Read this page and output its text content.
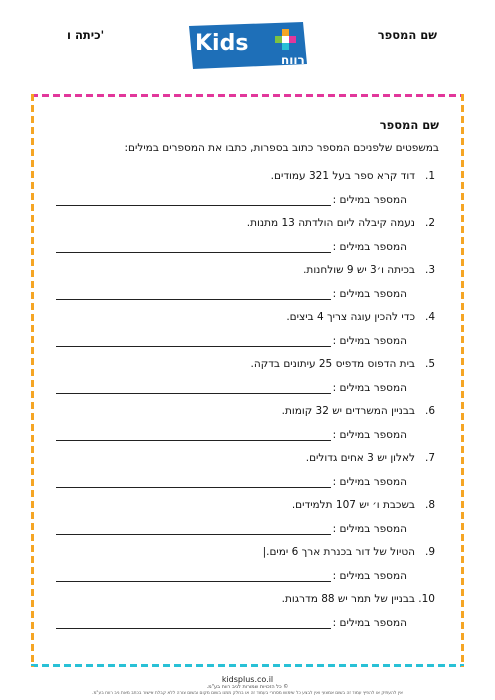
שם המספר
כיתה ו'	Kids
ניב רווח
שם המספר
במשפטים שלפניכם המספר כתוב בספרות, כתבו את המספרים במילים:
1.
דוד קרא ספר בעל 321 עמודים.
המספר במילים :
2.
נעמה קיבלה ליום הולדתה 13 מתנות.
המספר במילים :
3.
בכיתה ו׳3 יש 9 שולחנות.
המספר במילים :
4.
כדי להכין עוגה צריך 4 ביצים.
המספר במילים :
5.
בית הדפוס מדפיס 25 עיתונים בדקה.
המספר במילים :
6.
בבניין המשרדים יש 32 קומות.
המספר במילים :
7.
לאלון יש 3 אחים גדולים.
המספר במילים :
8.
בשכבת ו׳ יש 107 תלמידים.
המספר במילים :
9.
הטיול של דור בכנרת ארך 6 ימים.|
המספר במילים :
10.
בבניין של תמר יש 88 מדרגות.
המספר במילים :
kidsplus.co.il
© כל הזכויות שמורות לניב רווח בע"מ.
אין להעתיק או להפיץ עמוד זה בשום אמצעי ואין לבצע כל שימוש מסחרי בעמוד זה או בחלק ממנו בשום מקום ובשום צורה ללא קבלת אישור בכתב מאת ניב רווח בע"מ.
